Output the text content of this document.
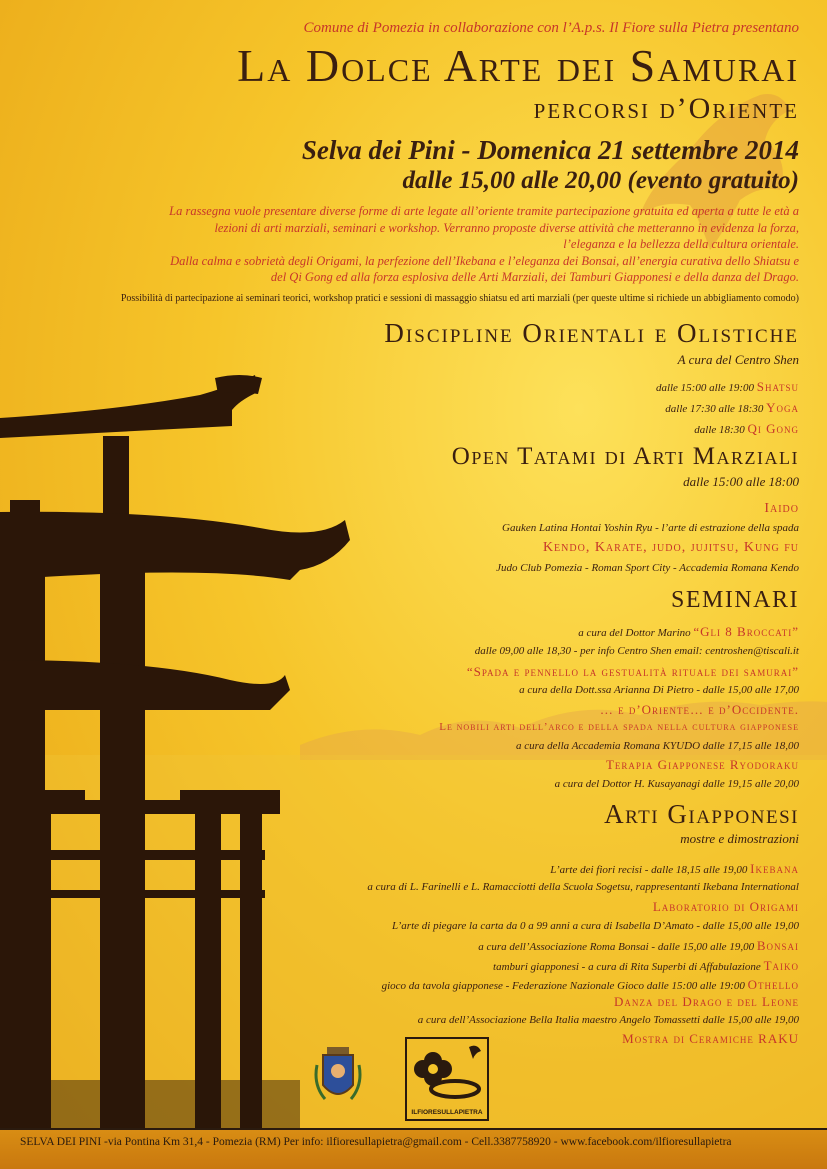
Comune di Pomezia in collaborazione con l’A.p.s. Il Fiore sulla Pietra presentano
La Dolce Arte dei Samurai
percorsi d’Oriente
Selva dei Pini - Domenica 21 settembre 2014
dalle 15,00 alle 20,00 (evento gratuito)
La rassegna vuole presentare diverse forme di arte legate all’oriente tramite partecipazione gratuita ed aperta a tutte le età a
lezioni di arti marziali, seminari e workshop. Verranno proposte diverse attività che metteranno in evidenza la forza,
l’eleganza e la bellezza della cultura orientale.
Dalla calma e sobrietà degli Origami, la perfezione dell’Ikebana e l’eleganza dei Bonsai, all’energia curativa dello Shiatsu e
del Qi Gong ed alla forza esplosiva delle Arti Marziali, dei Tamburi Giapponesi e della danza del Drago.
Possibilità di partecipazione ai seminari teorici, workshop pratici e sessioni di massaggio shiatsu ed arti marziali (per queste ultime si richiede un abbigliamento comodo)
Discipline Orientali e Olistiche
A cura del Centro Shen
dalle 15:00 alle 19:00 Shatsu
dalle 17:30 alle 18:30 Yoga
dalle 18:30 Qi Gong
Open Tatami di Arti Marziali
dalle 15:00 alle 18:00
Iaido
Gauken Latina Hontai Yoshin Ryu - l’arte di estrazione della spada
Kendo, Karate, judo, jujitsu, Kung fu
Judo Club Pomezia - Roman Sport City - Accademia Romana Kendo
SEMINARI
a cura del Dottor Marino “Gli 8 Broccati”
dalle 09,00 alle 18,30 - per info Centro Shen email: centroshen@tiscali.it
“Spada e pennello la gestualità rituale dei samurai”
a cura della Dott.ssa Arianna Di Pietro - dalle 15,00 alle 17,00
… e d’Oriente… e d’Occidente.
Le nobili arti dell’arco e della spada nella cultura giapponese
a cura della Accademia Romana KYUDO dalle 17,15 alle 18,00
Terapia Giapponese Ryodoraku
a cura del Dottor H. Kusayanagi dalle 19,15 alle 20,00
Arti Giapponesi
mostre e dimostrazioni
L’arte dei fiori recisi - dalle 18,15 alle 19,00 Ikebana
a cura di L. Farinelli e L. Ramacciotti della Scuola Sogetsu, rappresentanti Ikebana International
Laboratorio di Origami
L’arte di piegare la carta da 0 a 99 anni a cura di Isabella D’Amato - dalle 15,00 alle 19,00
a cura dell’Associazione Roma Bonsai - dalle 15,00 alle 19,00 Bonsai
tamburi giapponesi - a cura di Rita Superbi di Affabulazione Taiko
gioco da tavola giapponese - Federazione Nazionale Gioco dalle 15:00 alle 19:00 Othello
Danza del Drago e del Leone
a cura dell’Associazione Bella Italia maestro Angelo Tomassetti dalle 15,00 alle 19,00
Mostra di Ceramiche RAKU
ILFIORESULLAPIETRA
SELVA DEI PINI -via Pontina Km 31,4 - Pomezia (RM) Per info: ilfioresullapietra@gmail.com - Cell.3387758920 - www.facebook.com/ilfioresullapietra
